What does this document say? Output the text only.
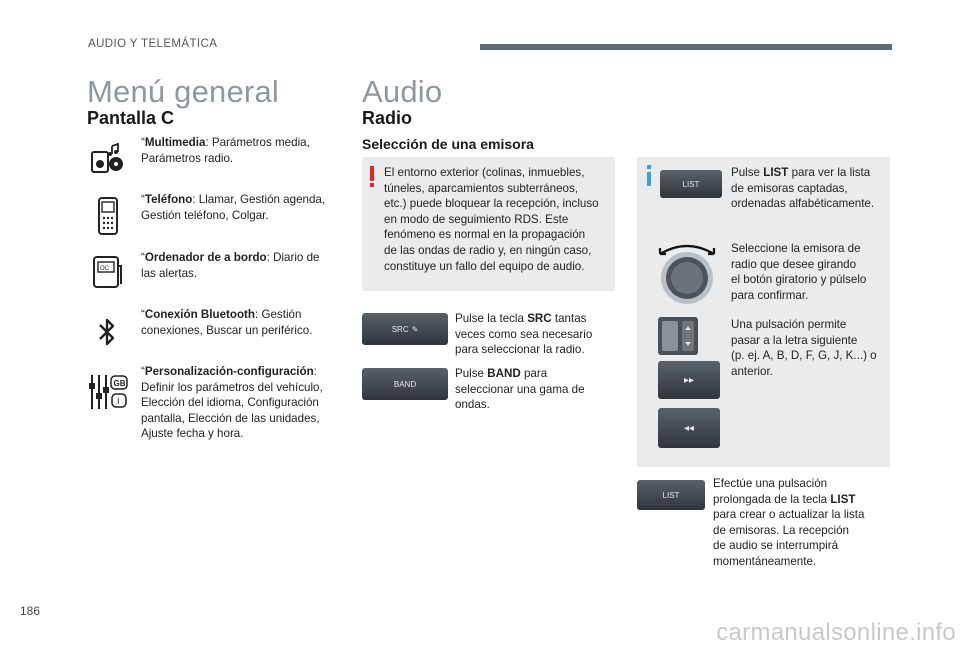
AUDIO Y TELEMÁTICA
Menú general
Pantalla C
“Multimedia: Parámetros media,
Parámetros radio.
“Teléfono: Llamar, Gestión agenda,
Gestión teléfono, Colgar.
OC
“Ordenador de a bordo: Diario de
las alertas.
“Conexión Bluetooth: Gestión
conexiones, Buscar un periférico.
GB
I
“Personalización-configuración:
Definir los parámetros del vehículo,
Elección del idioma, Configuración
pantalla, Elección de las unidades,
Ajuste fecha y hora.
Audio
Radio
Selección de una emisora
El entorno exterior (colinas, inmuebles,
túneles, aparcamientos subterráneos,
etc.) puede bloquear la recepción, incluso
en modo de seguimiento RDS. Este
fenómeno es normal en la propagación
de las ondas de radio y, en ningún caso,
constituye un fallo del equipo de audio.
SRC ✎
Pulse la tecla SRC tantas
veces como sea necesario
para seleccionar la radio.
BAND
Pulse BAND para
seleccionar una gama de
ondas.
LIST
Pulse LIST para ver la lista
de emisoras captadas,
ordenadas alfabéticamente.
Seleccione la emisora de
radio que desee girando
el botón giratorio y púlselo
para confirmar.
Una pulsación permite
pasar a la letra siguiente
(p. ej. A, B, D, F, G, J, K...) o
anterior.
▸▸
◂◂
LIST
Efectúe una pulsación
prolongada de la tecla LIST
para crear o actualizar la lista
de emisoras. La recepción
de audio se interrumpirá
momentáneamente.
186
carmanualsonline.info
